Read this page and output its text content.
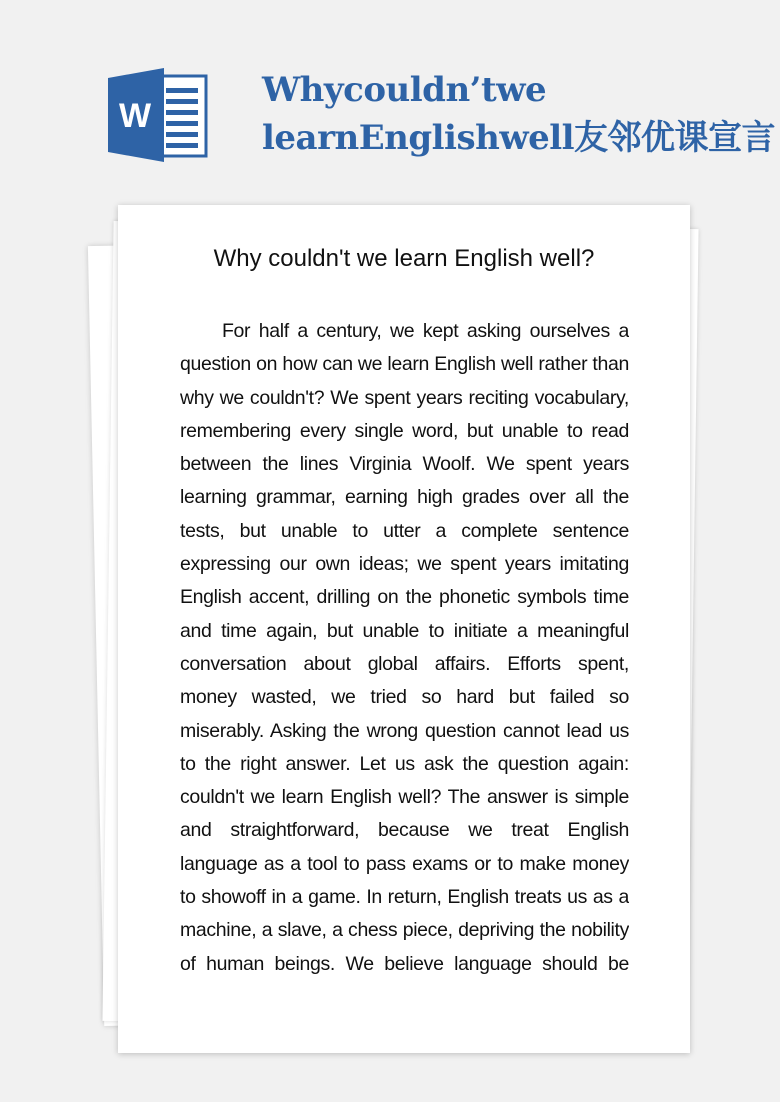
W
Whycouldn’twe
learnEnglishwell友邻优课宣言
Why couldn't we learn English well?
For half a century, we kept asking ourselves a
question on how can we learn English well rather than
why we couldn't? We spent years reciting vocabulary,
remembering every single word, but unable to read
between the lines Virginia Woolf. We spent years
learning grammar, earning high grades over all the
tests, but unable to utter a complete sentence
expressing our own ideas; we spent years imitating
English accent, drilling on the phonetic symbols time
and time again, but unable to initiate a meaningful
conversation about global affairs. Efforts spent,
money wasted, we tried so hard but failed so
miserably. Asking the wrong question cannot lead us
to the right answer. Let us ask the question again:
couldn't we learn English well? The answer is simple
and straightforward, because we treat English
language as a tool to pass exams or to make money
to showoff in a game. In return, English treats us as a
machine, a slave, a chess piece, depriving the nobility
of human beings. We believe language should be
